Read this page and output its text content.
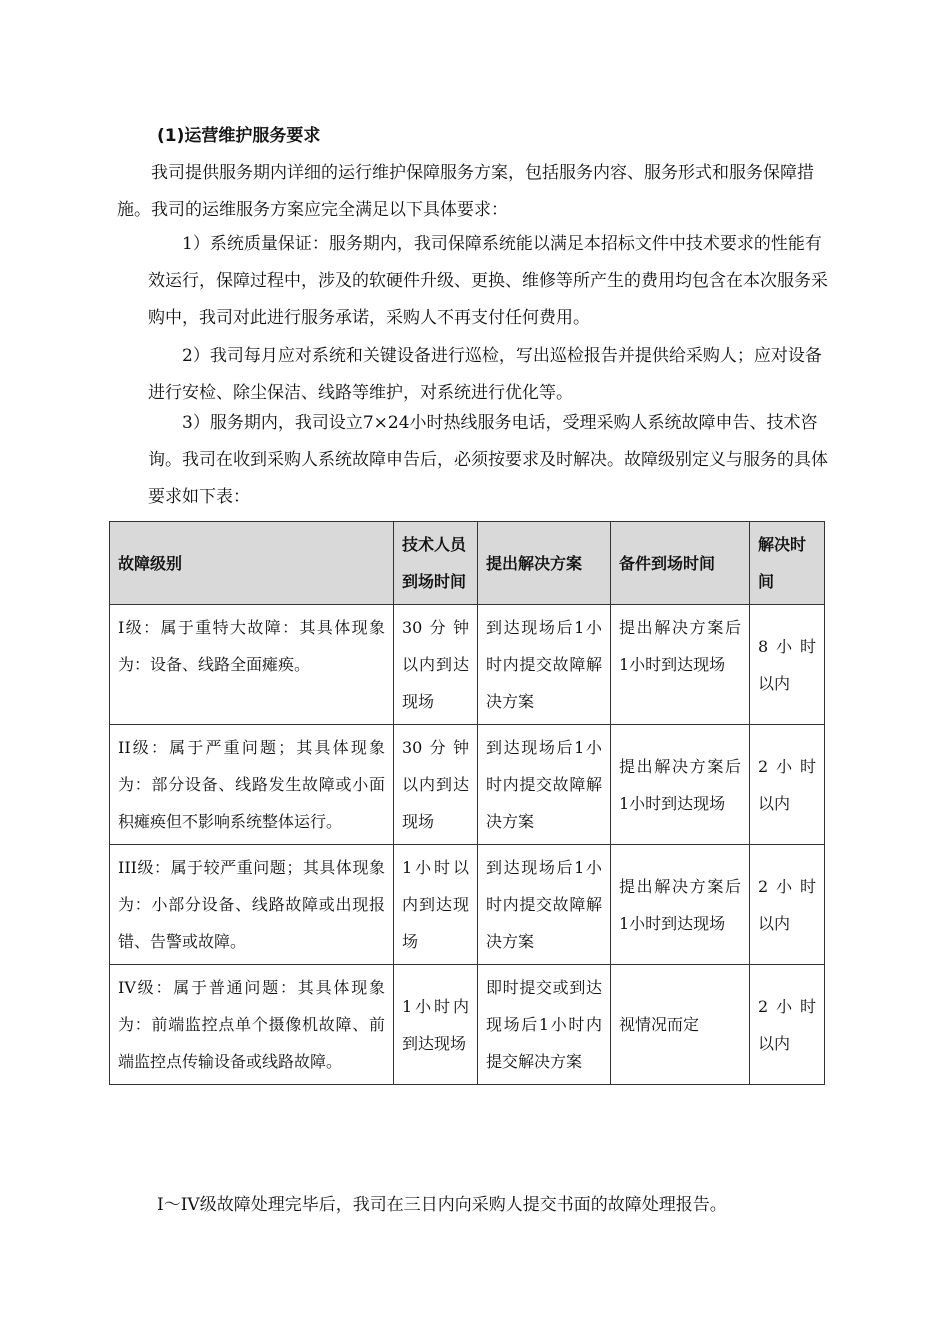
(1)运营维护服务要求
我司提供服务期内详细的运行维护保障服务方案，包括服务内容、服务形式和服务保障措施。我司的运维服务方案应完全满足以下具体要求：
1）系统质量保证：服务期内，我司保障系统能以满足本招标文件中技术要求的性能有效运行，保障过程中，涉及的软硬件升级、更换、维修等所产生的费用均包含在本次服务采购中，我司对此进行服务承诺，采购人不再支付任何费用。
2）我司每月应对系统和关键设备进行巡检，写出巡检报告并提供给采购人；应对设备进行安检、除尘保洁、线路等维护，对系统进行优化等。
3）服务期内，我司设立7×24小时热线服务电话，受理采购人系统故障申告、技术咨询。我司在收到采购人系统故障申告后，必须按要求及时解决。故障级别定义与服务的具体要求如下表：
故障级别	技术人员到场时间	提出解决方案	备件到场时间	解决时间
I级：属于重特大故障：其具体现象为：设备、线路全面瘫痪。	30分钟以内到达现场	到达现场后1小时内提交故障解决方案	提出解决方案后1小时到达现场	8小时以内
II级：属于严重问题；其具体现象为：部分设备、线路发生故障或小面积瘫痪但不影响系统整体运行。	30分钟以内到达现场	到达现场后1小时内提交故障解决方案	提出解决方案后1小时到达现场	2小时以内
III级：属于较严重问题；其具体现象为：小部分设备、线路故障或出现报错、告警或故障。	1小时以内到达现场	到达现场后1小时内提交故障解决方案	提出解决方案后1小时到达现场	2小时以内
IV级：属于普通问题：其具体现象为：前端监控点单个摄像机故障、前端监控点传输设备或线路故障。	1小时内到达现场	即时提交或到达现场后1小时内提交解决方案	视情况而定	2小时以内
I～IV级故障处理完毕后，我司在三日内向采购人提交书面的故障处理报告。
